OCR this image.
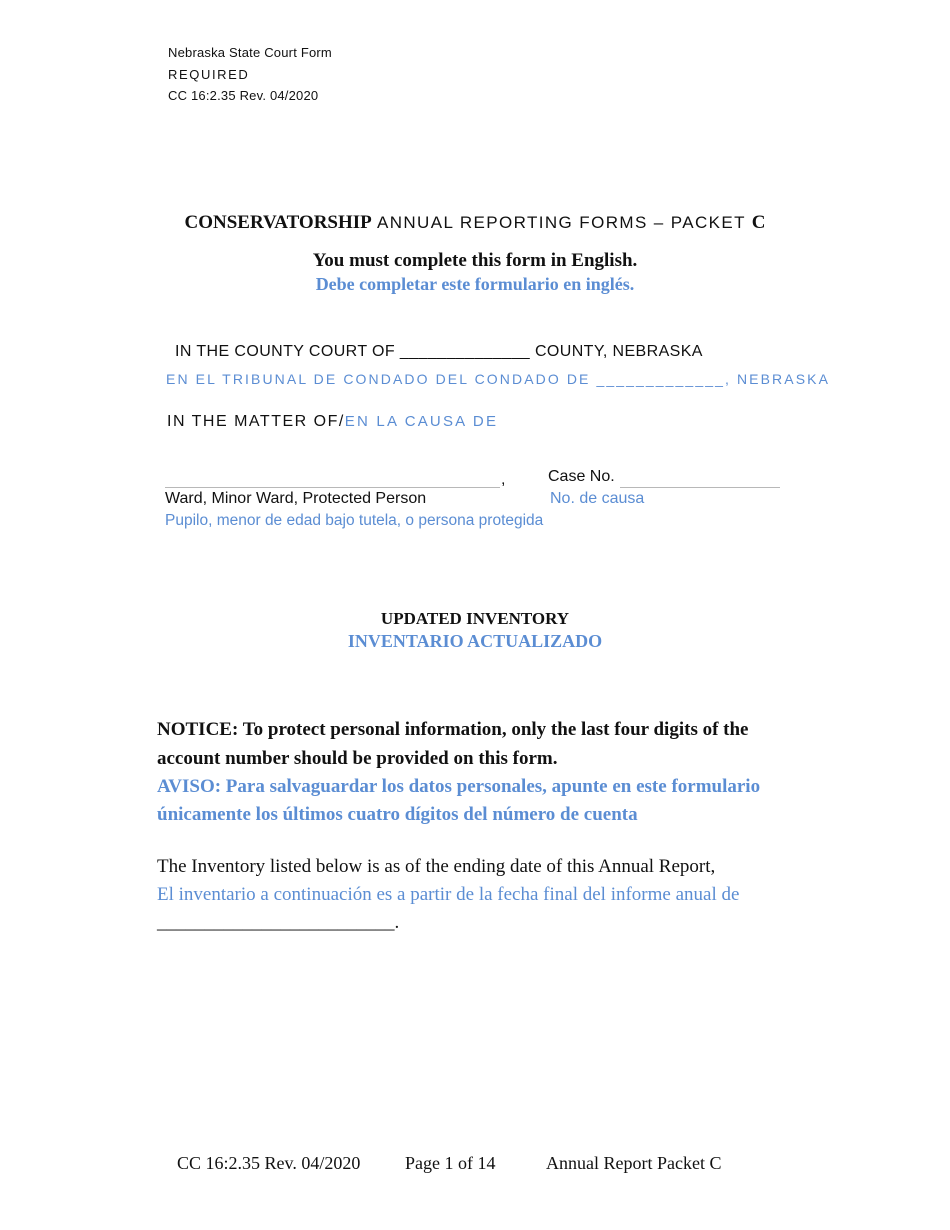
Nebraska State Court Form
REQUIRED
CC 16:2.35 Rev. 04/2020
CONSERVATORSHIP ANNUAL REPORTING FORMS – PACKET C
You must complete this form in English.
Debe completar este formulario en inglés.
IN THE COUNTY COURT OF ______________ COUNTY, NEBRASKA
EN EL TRIBUNAL DE CONDADO DEL CONDADO DE _____________, NEBRASKA
IN THE MATTER OF/EN LA CAUSA DE
,
Ward, Minor Ward, Protected Person
Pupilo, menor de edad bajo tutela, o persona protegida
Case No.
No. de causa
UPDATED INVENTORY
INVENTARIO ACTUALIZADO
NOTICE: To protect personal information, only the last four digits of the
account number should be provided on this form.
AVISO: Para salvaguardar los datos personales, apunte en este formulario
únicamente los últimos cuatro dígitos del número de cuenta
The Inventory listed below is as of the ending date of this Annual Report,
El inventario a continuación es a partir de la fecha final del informe anual de
_________________________.
CC 16:2.35 Rev. 04/2020 Page 1 of 14	Annual Report Packet C
